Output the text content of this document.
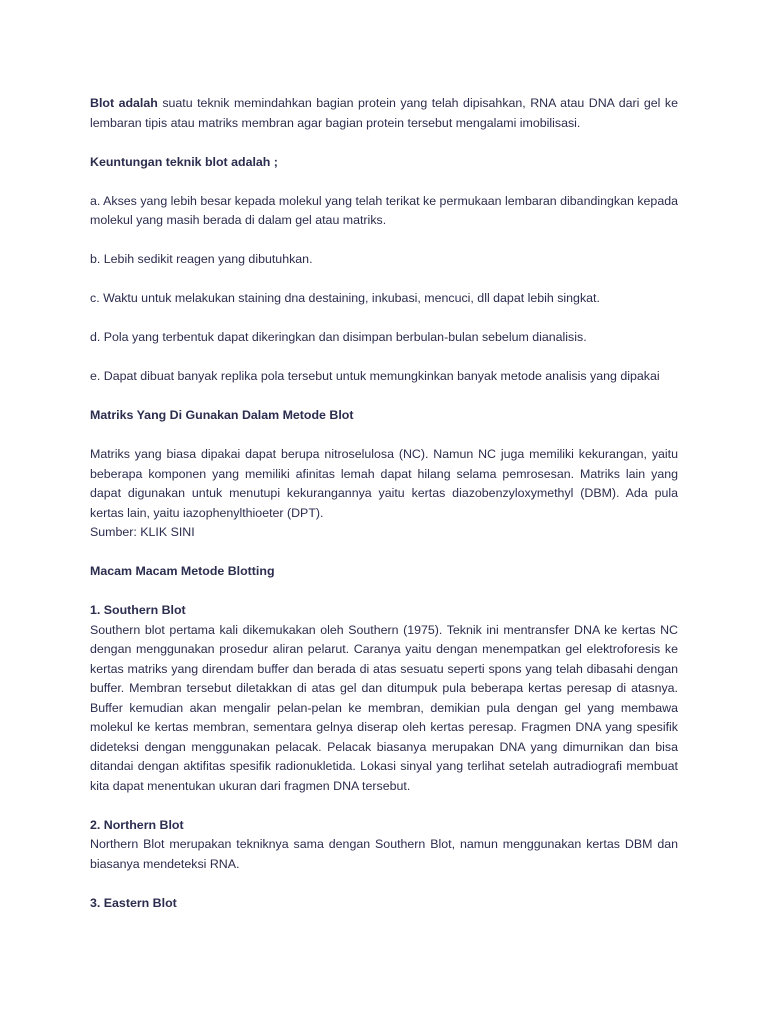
Blot adalah suatu teknik memindahkan bagian protein yang telah dipisahkan, RNA atau DNA dari gel ke lembaran tipis atau matriks membran agar bagian protein tersebut mengalami imobilisasi.

Keuntungan teknik blot adalah ;

a. Akses yang lebih besar kepada molekul yang telah terikat ke permukaan lembaran dibandingkan kepada molekul yang masih berada di dalam gel atau matriks.

b. Lebih sedikit reagen yang dibutuhkan.

c. Waktu untuk melakukan staining dna destaining, inkubasi, mencuci, dll dapat lebih singkat.

d. Pola yang terbentuk dapat dikeringkan dan disimpan berbulan-bulan sebelum dianalisis.

e. Dapat dibuat banyak replika pola tersebut untuk memungkinkan banyak metode analisis yang dipakai

Matriks Yang Di Gunakan Dalam Metode Blot

Matriks yang biasa dipakai dapat berupa nitroselulosa (NC). Namun NC juga memiliki kekurangan, yaitu beberapa komponen yang memiliki afinitas lemah dapat hilang selama pemrosesan. Matriks lain yang dapat digunakan untuk menutupi kekurangannya yaitu kertas diazobenzyloxymethyl (DBM). Ada pula kertas lain, yaitu iazophenylthioeter (DPT).

Sumber: KLIK SINI

Macam Macam Metode Blotting

1. Southern Blot

Southern blot pertama kali dikemukakan oleh Southern (1975). Teknik ini mentransfer DNA ke kertas NC dengan menggunakan prosedur aliran pelarut. Caranya yaitu dengan menempatkan gel elektroforesis ke kertas matriks yang direndam buffer dan berada di atas sesuatu seperti spons yang telah dibasahi dengan buffer. Membran tersebut diletakkan di atas gel dan ditumpuk pula beberapa kertas peresap di atasnya. Buffer kemudian akan mengalir pelan-pelan ke membran, demikian pula dengan gel yang membawa molekul ke kertas membran, sementara gelnya diserap oleh kertas peresap. Fragmen DNA yang spesifik dideteksi dengan menggunakan pelacak. Pelacak biasanya merupakan DNA yang dimurnikan dan bisa ditandai dengan aktifitas spesifik radionukletida. Lokasi sinyal yang terlihat setelah autradiografi membuat kita dapat menentukan ukuran dari fragmen DNA tersebut.

2. Northern Blot

Northern Blot merupakan tekniknya sama dengan Southern Blot, namun menggunakan kertas DBM dan biasanya mendeteksi RNA.

3. Eastern Blot
